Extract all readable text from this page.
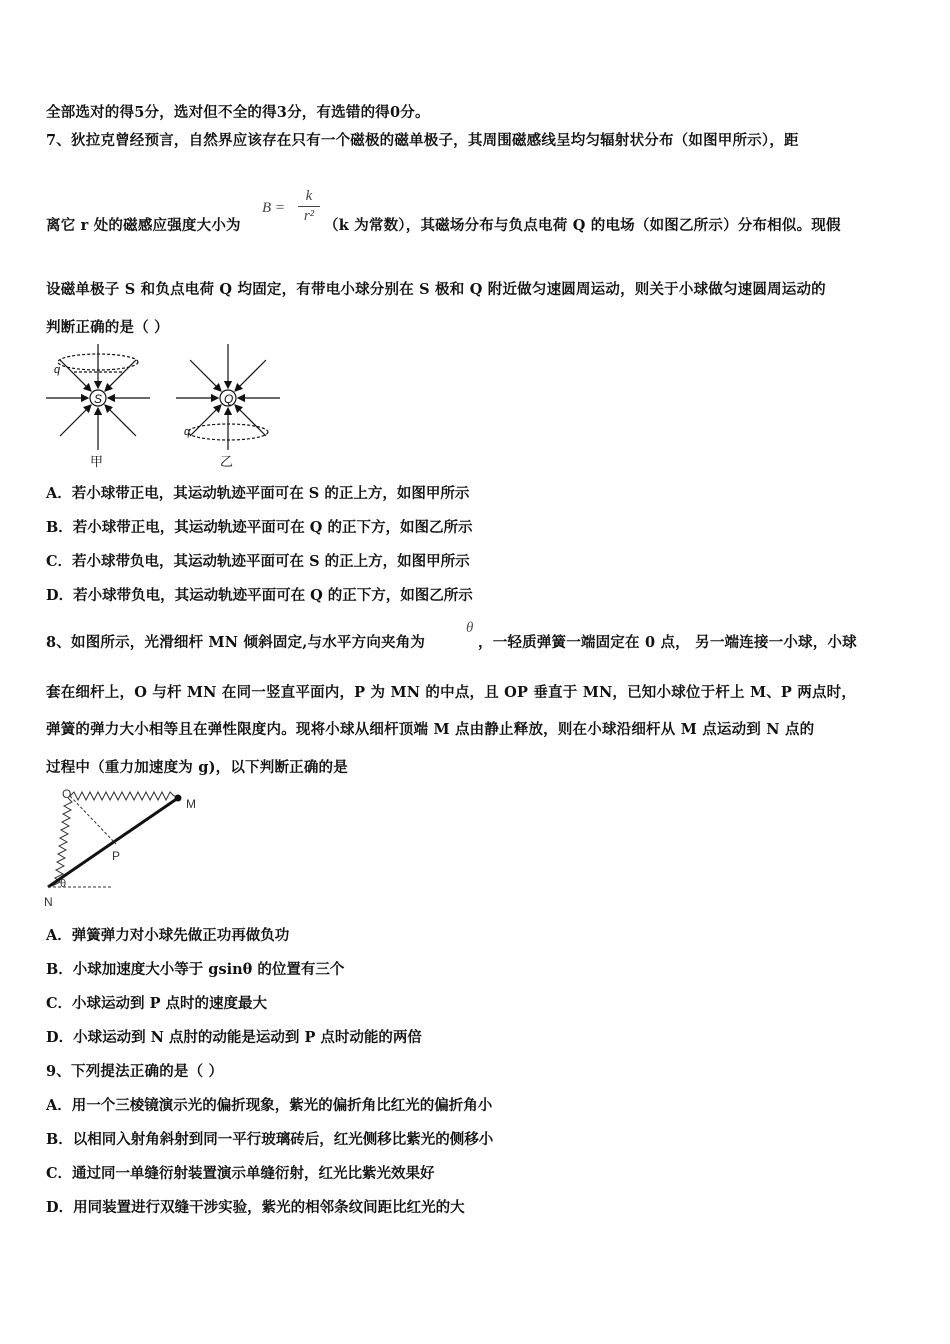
全部选对的得5分，选对但不全的得3分，有选错的得0分。
7、狄拉克曾经预言，自然界应该存在只有一个磁极的磁单极子，其周围磁感线呈均匀辐射状分布（如图甲所示），距
离它 r 处的磁感应强度大小为
B =
k
r²
（k 为常数），其磁场分布与负点电荷 Q 的电场（如图乙所示）分布相似。现假
设磁单极子 S 和负点电荷 Q 均固定，有带电小球分别在 S 极和 Q 附近做匀速圆周运动，则关于小球做匀速圆周运动的
判断正确的是（ ）
S
q
甲
Q
q
乙
A．若小球带正电，其运动轨迹平面可在 S 的正上方，如图甲所示
B．若小球带正电，其运动轨迹平面可在 Q 的正下方，如图乙所示
C．若小球带负电，其运动轨迹平面可在 S 的正上方，如图甲所示
D．若小球带负电，其运动轨迹平面可在 Q 的正下方，如图乙所示
8、如图所示，光滑细杆 MN 倾斜固定,与水平方向夹角为
θ
，一轻质弹簧一端固定在 0 点， 另一端连接一小球，小球
套在细杆上，O 与杆 MN 在同一竖直平面内，P 为 MN 的中点，且 OP 垂直于 MN，已知小球位于杆上 M、P 两点时，
弹簧的弹力大小相等且在弹性限度内。现将小球从细杆顶端 M 点由静止释放，则在小球沿细杆从 M 点运动到 N 点的
过程中（重力加速度为 g)，以下判断正确的是
O
M
P
N
θ
A．弹簧弹力对小球先做正功再做负功
B．小球加速度大小等于 gsinθ 的位置有三个
C．小球运动到 P 点时的速度最大
D．小球运动到 N 点肘的动能是运动到 P 点时动能的两倍
9、下列提法正确的是（ ）
A．用一个三棱镜演示光的偏折现象，紫光的偏折角比红光的偏折角小
B．以相同入射角斜射到同一平行玻璃砖后，红光侧移比紫光的侧移小
C．通过同一单缝衍射装置演示单缝衍射，红光比紫光效果好
D．用同装置进行双缝干涉实验，紫光的相邻条纹间距比红光的大
